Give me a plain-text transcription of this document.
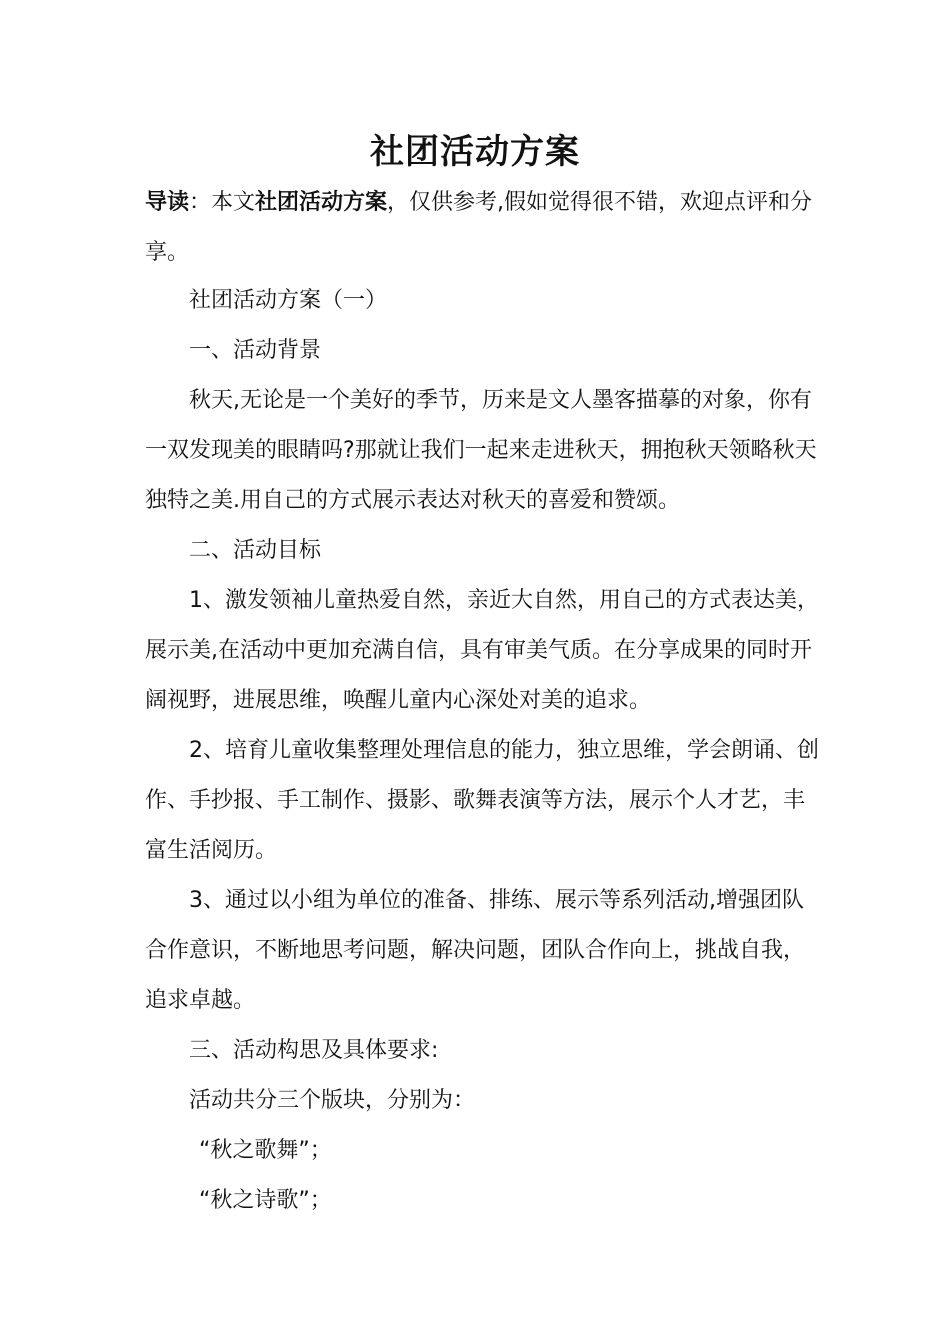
社团活动方案
导读：本文社团活动方案，仅供参考,假如觉得很不错，欢迎点评和分享。

社团活动方案（一）

一、活动背景

秋天,无论是一个美好的季节，历来是文人墨客描摹的对象，你有一双发现美的眼睛吗?那就让我们一起来走进秋天，拥抱秋天领略秋天独特之美.用自己的方式展示表达对秋天的喜爱和赞颂。

二、活动目标

1、激发领袖儿童热爱自然，亲近大自然，用自己的方式表达美，展示美,在活动中更加充满自信，具有审美气质。在分享成果的同时开阔视野，进展思维，唤醒儿童内心深处对美的追求。

2、培育儿童收集整理处理信息的能力，独立思维，学会朗诵、创作、手抄报、手工制作、摄影、歌舞表演等方法，展示个人才艺，丰富生活阅历。

3、通过以小组为单位的准备、排练、展示等系列活动,增强团队合作意识，不断地思考问题，解决问题，团队合作向上，挑战自我，追求卓越。

三、活动构思及具体要求:

活动共分三个版块，分别为：

“秋之歌舞”；

“秋之诗歌”；
